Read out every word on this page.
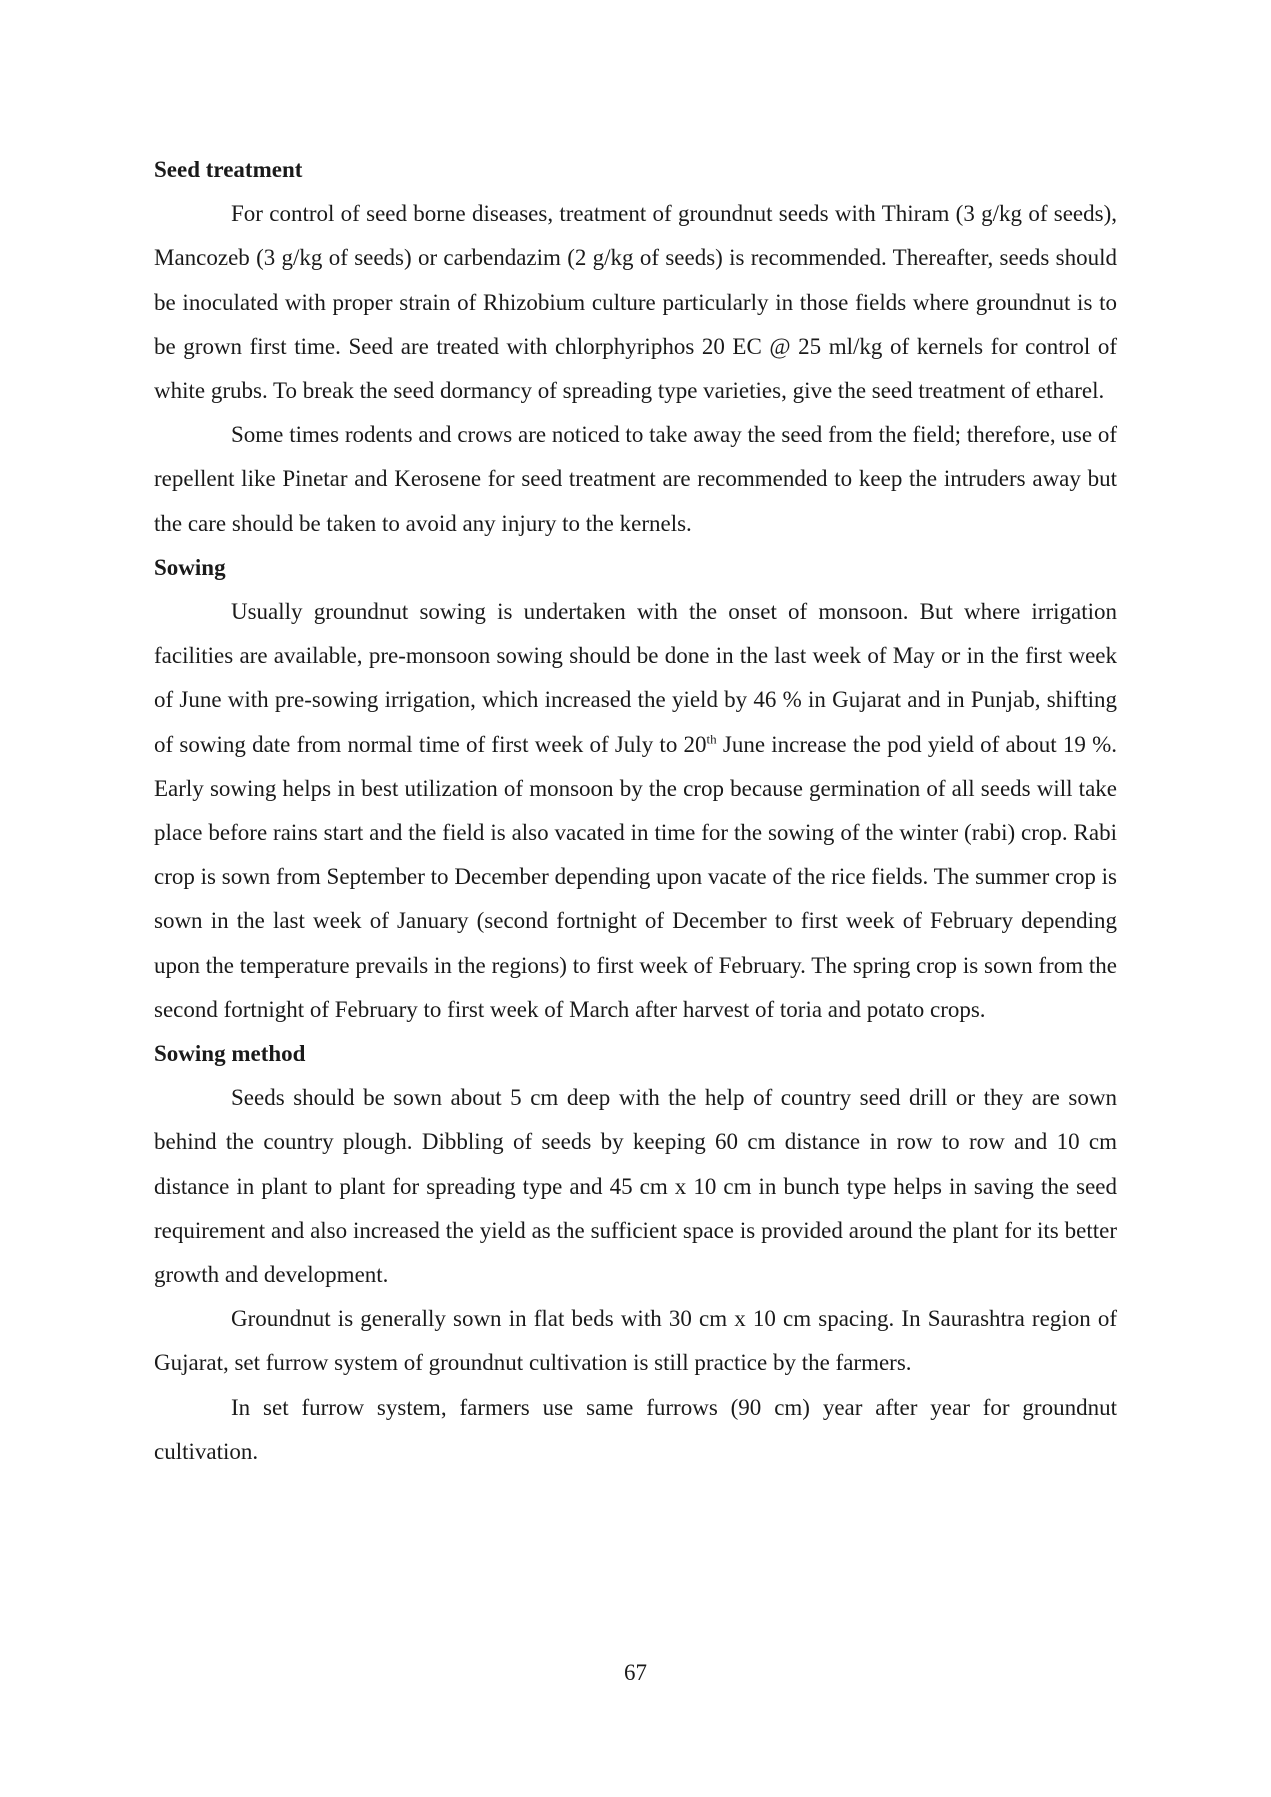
Seed treatment

For control of seed borne diseases, treatment of groundnut seeds with Thiram (3 g/kg of seeds), Mancozeb (3 g/kg of seeds) or carbendazim (2 g/kg of seeds) is recommended. Thereafter, seeds should be inoculated with proper strain of Rhizobium culture particularly in those fields where groundnut is to be grown first time. Seed are treated with chlorphyriphos 20 EC @ 25 ml/kg of kernels for control of white grubs. To break the seed dormancy of spreading type varieties, give the seed treatment of etharel.

Some times rodents and crows are noticed to take away the seed from the field; therefore, use of repellent like Pinetar and Kerosene for seed treatment are recommended to keep the intruders away but the care should be taken to avoid any injury to the kernels.

Sowing

Usually groundnut sowing is undertaken with the onset of monsoon. But where irrigation facilities are available, pre-monsoon sowing should be done in the last week of May or in the first week of June with pre-sowing irrigation, which increased the yield by 46 % in Gujarat and in Punjab, shifting of sowing date from normal time of first week of July to 20th June increase the pod yield of about 19 %. Early sowing helps in best utilization of monsoon by the crop because germination of all seeds will take place before rains start and the field is also vacated in time for the sowing of the winter (rabi) crop. Rabi crop is sown from September to December depending upon vacate of the rice fields. The summer crop is sown in the last week of January (second fortnight of December to first week of February depending upon the temperature prevails in the regions) to first week of February. The spring crop is sown from the second fortnight of February to first week of March after harvest of toria and potato crops.

Sowing method

Seeds should be sown about 5 cm deep with the help of country seed drill or they are sown behind the country plough. Dibbling of seeds by keeping 60 cm distance in row to row and 10 cm distance in plant to plant for spreading type and 45 cm x 10 cm in bunch type helps in saving the seed requirement and also increased the yield as the sufficient space is provided around the plant for its better growth and development.

Groundnut is generally sown in flat beds with 30 cm x 10 cm spacing. In Saurashtra region of Gujarat, set furrow system of groundnut cultivation is still practice by the farmers.

In set furrow system, farmers use same furrows (90 cm) year after year for groundnut cultivation.

67
